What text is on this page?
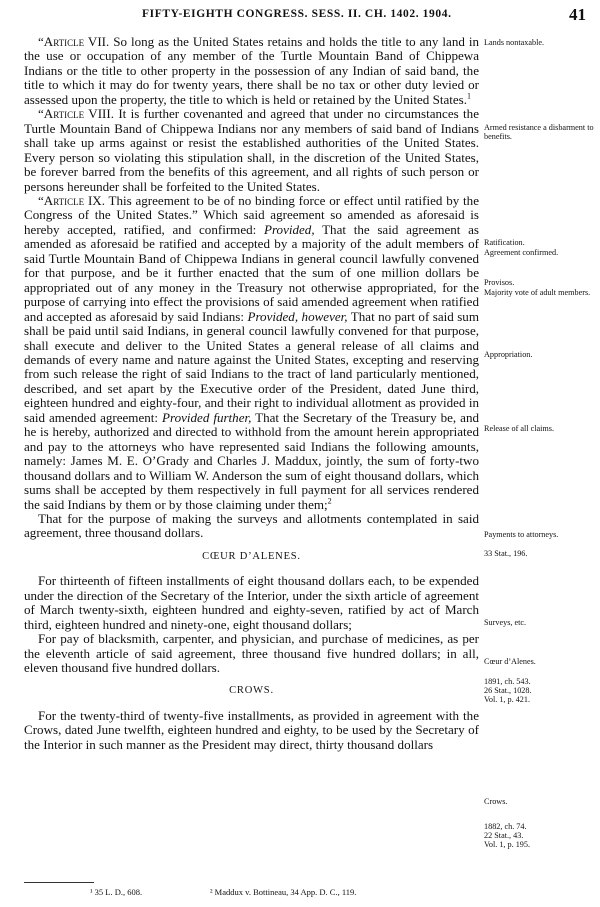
FIFTY-EIGHTH CONGRESS. SESS. II. CH. 1402. 1904.	41

“Article VII. So long as the United States retains and holds the title to any land in the use or occupation of any member of the Turtle Mountain Band of Chippewa Indians or the title to other property in the possession of any Indian of said band, the title to which it may do for twenty years, there shall be no tax or other duty levied or assessed upon the property, the title to which is held or retained by the United States.$^1$

“Article VIII. It is further covenanted and agreed that under no circumstances the Turtle Mountain Band of Chippewa Indians nor any members of said band of Indians shall take up arms against or resist the established authorities of the United States. Every person so violating this stipulation shall, in the discretion of the United States, be forever barred from the benefits of this agreement, and all rights of such person or persons hereunder shall be forfeited to the United States.

“Article IX. This agreement to be of no binding force or effect until ratified by the Congress of the United States.” Which said agreement so amended as aforesaid is hereby accepted, ratified, and confirmed: Provided, That the said agreement as amended as aforesaid be ratified and accepted by a majority of the adult members of said Turtle Mountain Band of Chippewa Indians in general council lawfully convened for that purpose, and be it further enacted that the sum of one million dollars be appropriated out of any money in the Treasury not otherwise appropriated, for the purpose of carrying into effect the provisions of said amended agreement when ratified and accepted as aforesaid by said Indians: Provided, however, That no part of said sum shall be paid until said Indians, in general council lawfully convened for that purpose, shall execute and deliver to the United States a general release of all claims and demands of every name and nature against the United States, excepting and reserving from such release the right of said Indians to the tract of land particularly mentioned, described, and set apart by the Executive order of the President, dated June third, eighteen hundred and eighty-four, and their right to individual allotment as provided in said amended agreement: Provided further, That the Secretary of the Treasury be, and he is hereby, authorized and directed to withhold from the amount herein appropriated and pay to the attorneys who have represented said Indians the following amounts, namely: James M. E. O’Grady and Charles J. Maddux, jointly, the sum of forty-two thousand dollars and to William W. Anderson the sum of eight thousand dollars, which sums shall be accepted by them respectively in full payment for all services rendered the said Indians by them or by those claiming under them;$^2$

That for the purpose of making the surveys and allotments contemplated in said agreement, three thousand dollars.

CŒUR D’ALENES.

For thirteenth of fifteen installments of eight thousand dollars each, to be expended under the direction of the Secretary of the Interior, under the sixth article of agreement of March twenty-sixth, eighteen hundred and eighty-seven, ratified by act of March third, eighteen hundred and ninety-one, eight thousand dollars;

For pay of blacksmith, carpenter, and physician, and purchase of medicines, as per the eleventh article of said agreement, three thousand five hundred dollars; in all, eleven thousand five hundred dollars.

CROWS.

For the twenty-third of twenty-five installments, as provided in agreement with the Crows, dated June twelfth, eighteen hundred and eighty, to be used by the Secretary of the Interior in such manner as the President may direct, thirty thousand dollars

Lands nontaxable.
Armed resistance a disbarment to benefits.
Ratification.
Agreement confirmed.
Provisos.
Majority vote of adult members.
Appropriation.
Release of all claims.
Payments to attorneys.
33 Stat., 196.
Surveys, etc.
Cœur d’Alenes.
1891, ch. 543.
26 Stat., 1028.
Vol. 1, p. 421.
Crows.
1882, ch. 74.
22 Stat., 43.
Vol. 1, p. 195.
¹ 35 L. D., 608.	² Maddux v. Bottineau, 34 App. D. C., 119.
